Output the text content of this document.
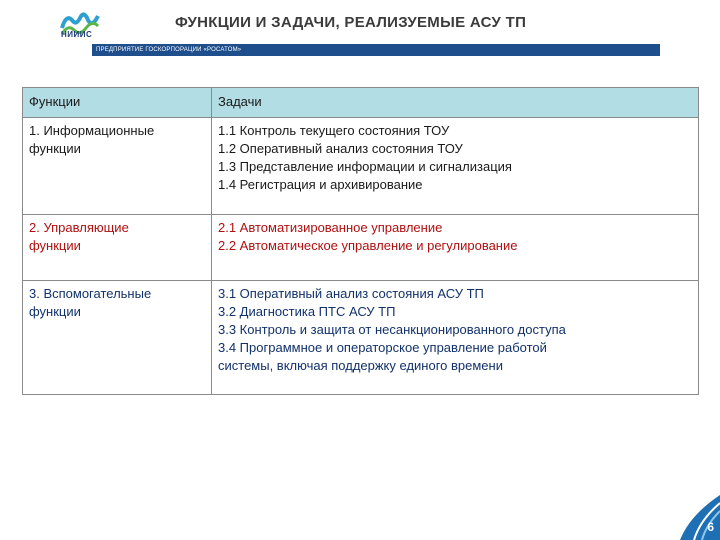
НИИИС
ФУНКЦИИ И ЗАДАЧИ, РЕАЛИЗУЕМЫЕ АСУ ТП
ПРЕДПРИЯТИЕ ГОСКОРПОРАЦИИ «РОСАТОМ»
Функции	Задачи

1. Информационные
функции	1.1 Контроль текущего состояния ТОУ
1.2 Оперативный анализ состояния ТОУ
1.3 Представление информации и сигнализация
1.4 Регистрация и архивирование

2. Управляющие
функции	2.1 Автоматизированное управление
2.2 Автоматическое управление и регулирование

3. Вспомогательные
функции	3.1 Оперативный анализ состояния АСУ ТП
3.2 Диагностика ПТС АСУ ТП
3.3 Контроль и защита от несанкционированного доступа
3.4 Программное и операторское управление работой
системы, включая поддержку единого времени
6
